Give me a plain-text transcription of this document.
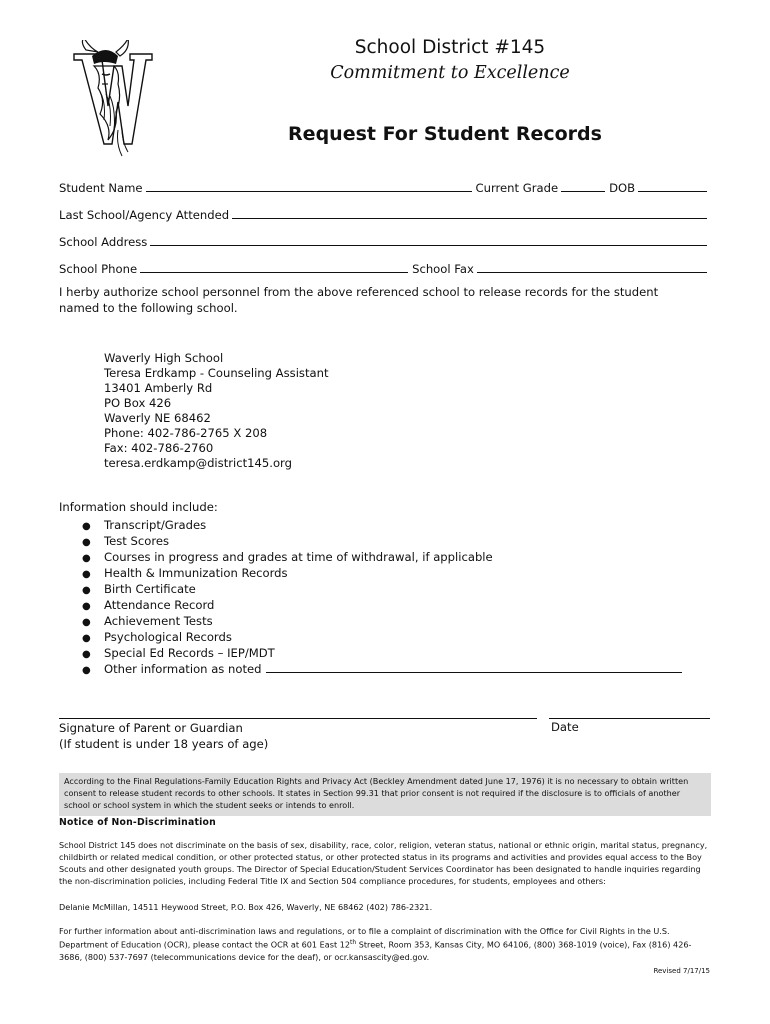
School District #145
Commitment to Excellence
Request For Student Records
Student Name	Current Grade	DOB
Last School/Agency Attended
School Address
School Phone	School Fax
I herby authorize school personnel from the above referenced school to release records for the student named to the following school.
Waverly High School
Teresa Erdkamp - Counseling Assistant
13401 Amberly Rd
PO Box 426
Waverly NE 68462
Phone: 402-786-2765 X 208
Fax: 402-786-2760
teresa.erdkamp@district145.org
Information should include:
●	Transcript/Grades
●	Test Scores
●	Courses in progress and grades at time of withdrawal, if applicable
●	Health & Immunization Records
●	Birth Certificate
●	Attendance Record
●	Achievement Tests
●	Psychological Records
●	Special Ed Records – IEP/MDT
●	Other information as noted
Signature of Parent or Guardian
(If student is under 18 years of age)
Date
According to the Final Regulations-Family Education Rights and Privacy Act (Beckley Amendment dated June 17, 1976) it is no necessary to obtain written consent to release student records to other schools. It states in Section 99.31 that prior consent is not required if the disclosure is to officials of another school or school system in which the student seeks or intends to enroll.
Notice of Non-Discrimination
School District 145 does not discriminate on the basis of sex, disability, race, color, religion, veteran status, national or ethnic origin, marital status, pregnancy, childbirth or related medical condition, or other protected status, or other protected status in its programs and activities and provides equal access to the Boy Scouts and other designated youth groups. The Director of Special Education/Student Services Coordinator has been designated to handle inquiries regarding the non-discrimination policies, including Federal Title IX and Section 504 compliance procedures, for students, employees and others:
Delanie McMillan, 14511 Heywood Street, P.O. Box 426, Waverly, NE 68462 (402) 786-2321.
For further information about anti-discrimination laws and regulations, or to file a complaint of discrimination with the Office for Civil Rights in the U.S. Department of Education (OCR), please contact the OCR at 601 East 12th Street, Room 353, Kansas City, MO 64106, (800) 368-1019 (voice), Fax (816) 426-3686, (800) 537-7697 (telecommunications device for the deaf), or ocr.kansascity@ed.gov.
Revised 7/17/15
